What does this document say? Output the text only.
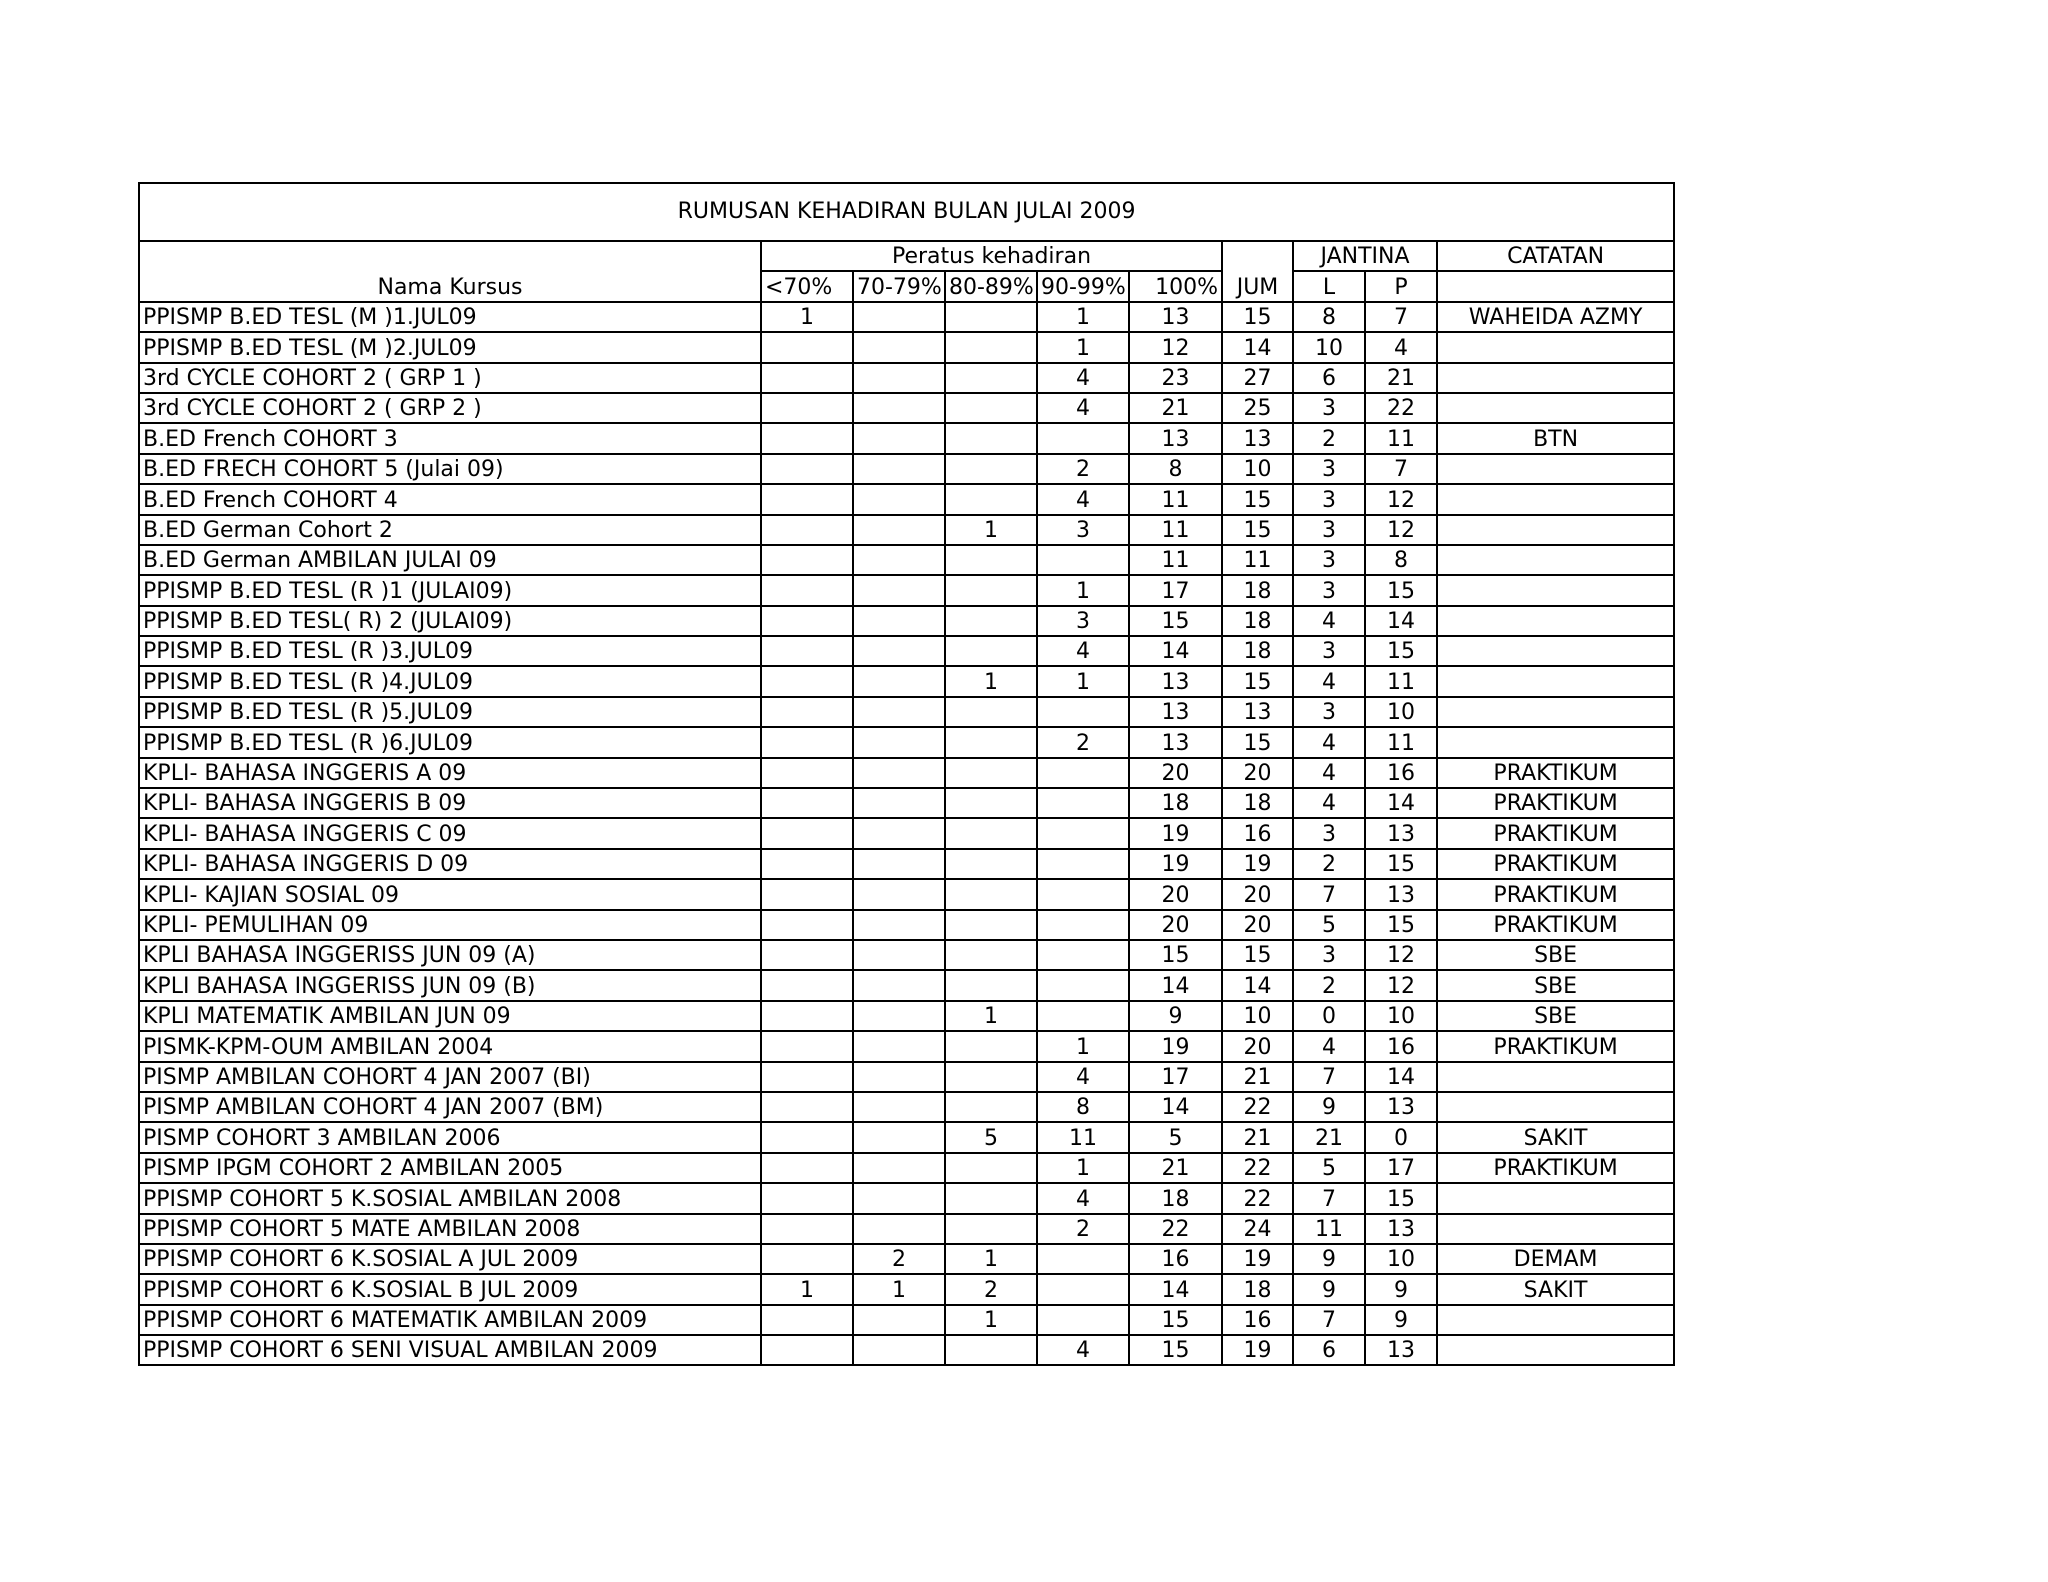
RUMUSAN KEHADIRAN BULAN JULAI 2009									
Nama Kursus	Peratus kehadiran					JUM	JANTINA		CATATAN
	<70%	70-79%	80-89%	90-99%	100%		L	P	
PPISMP B.ED TESL (M )1.JUL09	1			1	13	15	8	7	WAHEIDA AZMY
PPISMP B.ED TESL (M )2.JUL09				1	12	14	10	4	
3rd CYCLE COHORT 2 ( GRP 1 )				4	23	27	6	21	
3rd CYCLE COHORT 2 ( GRP 2 )				4	21	25	3	22	
B.ED French COHORT 3					13	13	2	11	BTN
B.ED FRECH COHORT 5 (Julai 09)				2	8	10	3	7	
B.ED French COHORT 4				4	11	15	3	12	
B.ED German Cohort 2			1	3	11	15	3	12	
B.ED German AMBILAN JULAI 09					11	11	3	8	
PPISMP B.ED TESL (R )1 (JULAI09)				1	17	18	3	15	
PPISMP B.ED TESL( R) 2 (JULAI09)				3	15	18	4	14	
PPISMP B.ED TESL (R )3.JUL09				4	14	18	3	15	
PPISMP B.ED TESL (R )4.JUL09			1	1	13	15	4	11	
PPISMP B.ED TESL (R )5.JUL09					13	13	3	10	
PPISMP B.ED TESL (R )6.JUL09				2	13	15	4	11	
KPLI- BAHASA INGGERIS A 09					20	20	4	16	PRAKTIKUM
KPLI- BAHASA INGGERIS B 09					18	18	4	14	PRAKTIKUM
KPLI- BAHASA INGGERIS C 09					19	16	3	13	PRAKTIKUM
KPLI- BAHASA INGGERIS D 09					19	19	2	15	PRAKTIKUM
KPLI- KAJIAN SOSIAL 09					20	20	7	13	PRAKTIKUM
KPLI- PEMULIHAN 09					20	20	5	15	PRAKTIKUM
KPLI BAHASA INGGERISS JUN 09 (A)					15	15	3	12	SBE
KPLI BAHASA INGGERISS JUN 09 (B)					14	14	2	12	SBE
KPLI MATEMATIK AMBILAN JUN 09			1		9	10	0	10	SBE
PISMK-KPM-OUM AMBILAN 2004				1	19	20	4	16	PRAKTIKUM
PISMP AMBILAN COHORT 4 JAN 2007 (BI)				4	17	21	7	14	
PISMP AMBILAN COHORT 4 JAN 2007 (BM)				8	14	22	9	13	
PISMP COHORT 3 AMBILAN 2006			5	11	5	21	21	0	SAKIT
PISMP IPGM COHORT 2 AMBILAN 2005				1	21	22	5	17	PRAKTIKUM
PPISMP COHORT 5 K.SOSIAL AMBILAN 2008				4	18	22	7	15	
PPISMP COHORT 5 MATE AMBILAN 2008				2	22	24	11	13	
PPISMP COHORT 6 K.SOSIAL A JUL 2009		2	1		16	19	9	10	DEMAM
PPISMP COHORT 6 K.SOSIAL B JUL 2009	1	1	2		14	18	9	9	SAKIT
PPISMP COHORT 6 MATEMATIK AMBILAN 2009			1		15	16	7	9	
PPISMP COHORT 6 SENI VISUAL AMBILAN 2009				4	15	19	6	13	
